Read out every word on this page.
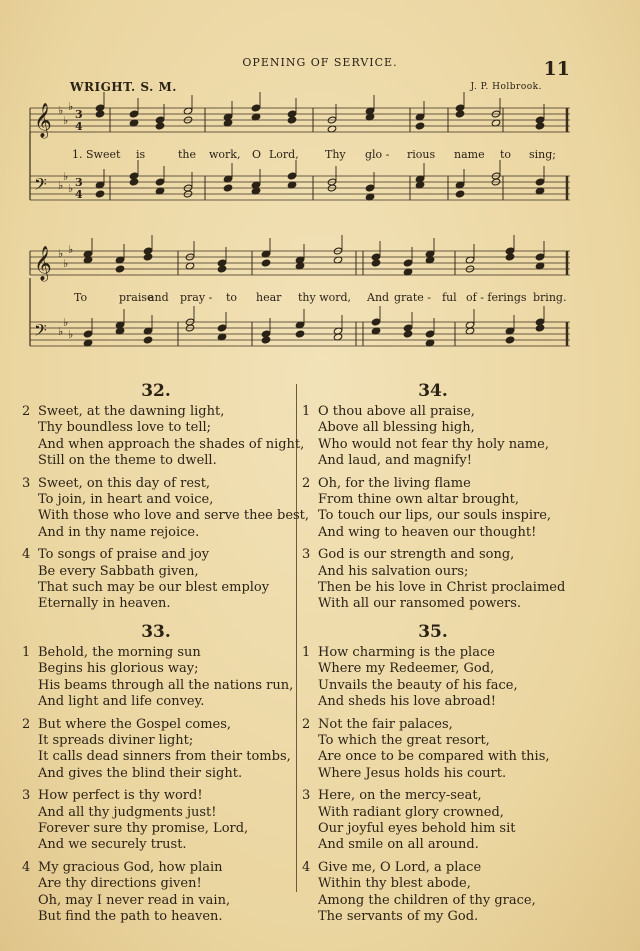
OPENING OF SERVICE.	11
WRIGHT. S. M.	J. P. Holbrook.
𝄞 ♭
♭
♭
3
4
𝄢 ♭
♭
♭ 3
4
𝄞 ♭
♭
♭
𝄢 ♭
♭
♭
1. Sweet is	the work, O Lord, Thy glo - rious name to sing;
To	praise
and pray - to hear thy word, And grate - ful of - ferings bring.
32.
2 Sweet, at the dawning light,
Thy boundless love to tell;
And when approach the shades of night,
Still on the theme to dwell.
3 Sweet, on this day of rest,
To join, in heart and voice,
With those who love and serve thee best,
And in thy name rejoice.
4 To songs of praise and joy
Be every Sabbath given,
That such may be our blest employ
Eternally in heaven.
33.
1 Behold, the morning sun
Begins his glorious way;
His beams through all the nations run,
And light and life convey.
2 But where the Gospel comes,
It spreads diviner light;
It calls dead sinners from their tombs,
And gives the blind their sight.
3 How perfect is thy word!
And all thy judgments just!
Forever sure thy promise, Lord,
And we securely trust.
4 My gracious God, how plain
Are thy directions given!
Oh, may I never read in vain,
But find the path to heaven.
34.
1 O thou above all praise,
Above all blessing high,
Who would not fear thy holy name,
And laud, and magnify!
2 Oh, for the living flame
From thine own altar brought,
To touch our lips, our souls inspire,
And wing to heaven our thought!
3 God is our strength and song,
And his salvation ours;
Then be his love in Christ proclaimed
With all our ransomed powers.
35.
1 How charming is the place
Where my Redeemer, God,
Unvails the beauty of his face,
And sheds his love abroad!
2 Not the fair palaces,
To which the great resort,
Are once to be compared with this,
Where Jesus holds his court.
3 Here, on the mercy-seat,
With radiant glory crowned,
Our joyful eyes behold him sit
And smile on all around.
4 Give me, O Lord, a place
Within thy blest abode,
Among the children of thy grace,
The servants of my God.
